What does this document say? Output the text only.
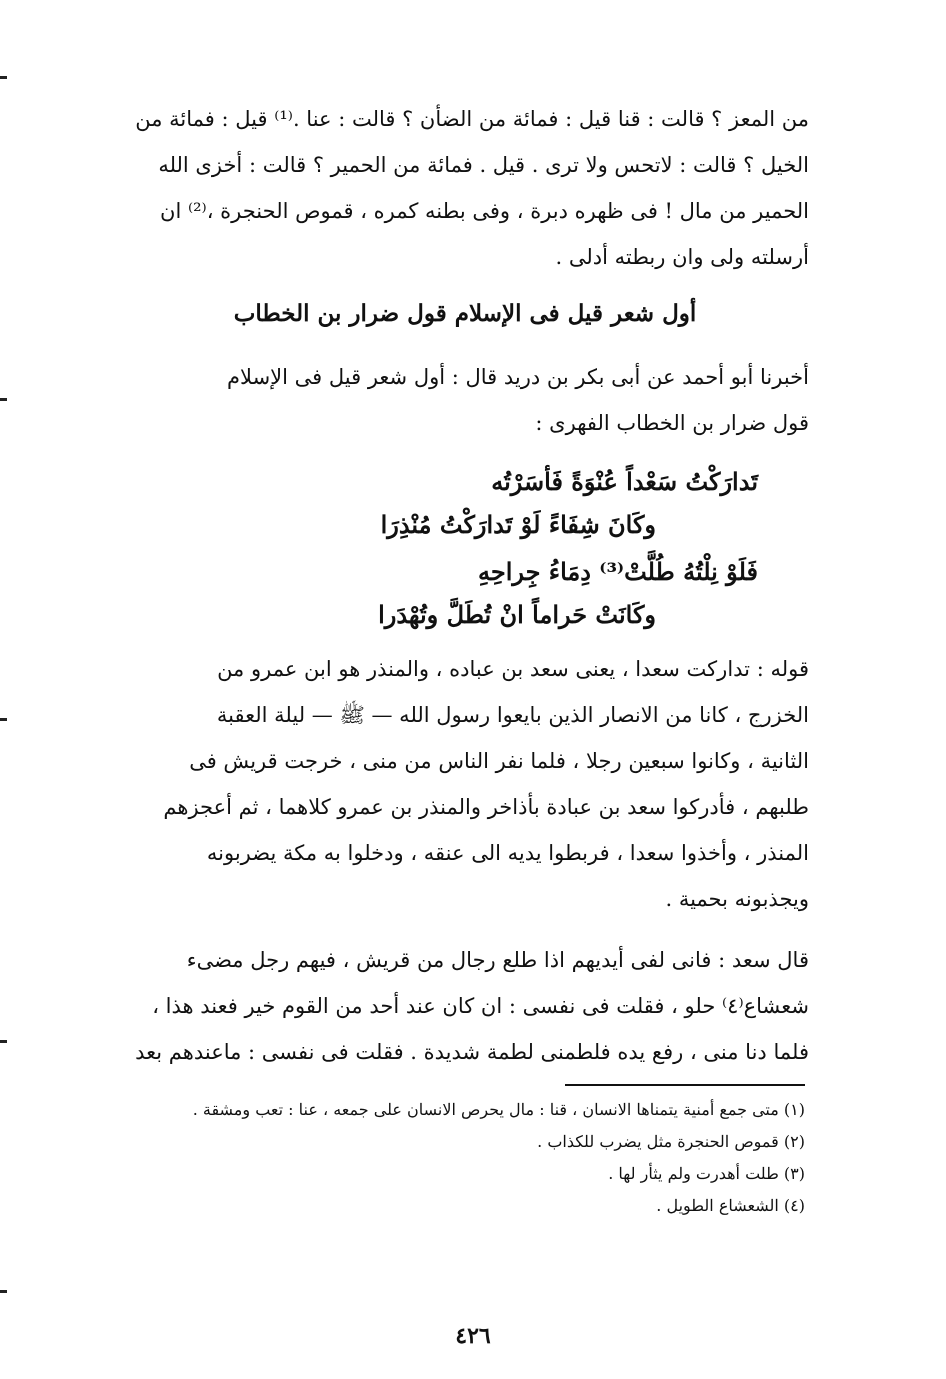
من المعز ؟ قالت : قنا قيل : فمائة من الضأن ؟ قالت : عنا .⁽¹⁾ قيل : فمائة من
الخيل ؟ قالت : لاتحس ولا ترى . قيل . فمائة من الحمير ؟ قالت : أخزى الله
الحمير من مال ! فى ظهره دبرة ، وفى بطنه كمره ، قموص الحنجرة ،⁽²⁾ ان
أرسلته ولى وان ربطته أدلى .
أول شعر قيل فى الإسلام قول ضرار بن الخطاب
أخبرنا أبو أحمد عن أبى بكر بن دريد قال : أول شعر قيل فى الإسلام
قول ضرار بن الخطاب الفهرى :

تَدارَكْتُ سَعْداً عُنْوَةً فَأسَرْتُه

وكَانَ شِفَاءً لَوْ تَدارَكْتُ مُنْذِرَا

فَلَوْ نِلْتُهُ طُلَّتْ⁽³⁾ دِمَاءُ جِراحِهِ

وكَانَتْ حَراماً انْ تُطَلَّ وتُهْدَرا

قوله : تداركت سعدا ، يعنى سعد بن عباده ، والمنذر هو ابن عمرو من
الخزرج ، كانا من الانصار الذين بايعوا رسول الله — ﷺ — ليلة العقبة
الثانية ، وكانوا سبعين رجلا ، فلما نفر الناس من منى ، خرجت قريش فى
طلبهم ، فأدركوا سعد بن عبادة بأذاخر والمنذر بن عمرو كلاهما ، ثم أعجزهم
المنذر ، وأخذوا سعدا ، فربطوا يديه الى عنقه ، ودخلوا به مكة يضربونه
ويجذبونه بحمية .
قال سعد : فانى لفى أيديهم اذا طلع رجال من قريش ، فيهم رجل مضىء
شعشاع⁽٤⁾ حلو ، فقلت فى نفسى : ان كان عند أحد من القوم خير فعند هذا ،
فلما دنا منى ، رفع يده فلطمنى لطمة شديدة . فقلت فى نفسى : ماعندهم بعد
(١) متى جمع أمنية يتمناها الانسان ، قنا : مال يحرص الانسان على جمعه ، عنا : تعب ومشقة .
(٢) قموص الحنجرة مثل يضرب للكذاب .
(٣) طلت أهدرت ولم يثأر لها .
(٤) الشعشاع الطويل .
٤٢٦
